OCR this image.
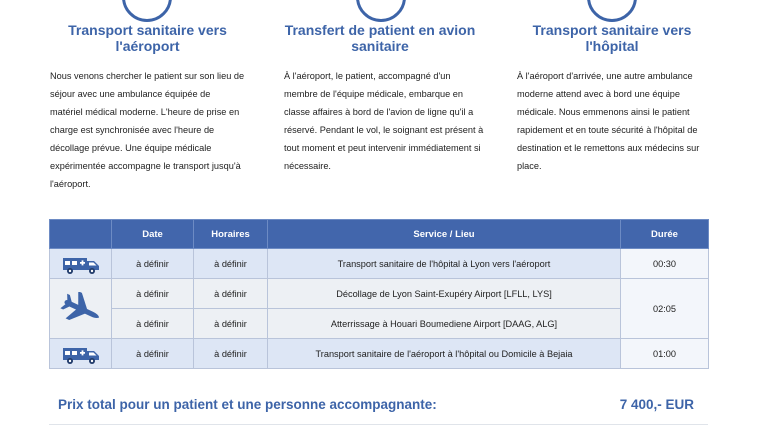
Transport sanitaire vers l'aéroport

Nous venons chercher le patient sur son lieu de séjour avec une ambulance équipée de matériel médical moderne. L'heure de prise en charge est synchronisée avec l'heure de décollage prévue. Une équipe médicale expérimentée accompagne le transport jusqu'à l'aéroport.

Transfert de patient en avion sanitaire

À l'aéroport, le patient, accompagné d'un membre de l'équipe médicale, embarque en classe affaires à bord de l'avion de ligne qu'il a réservé. Pendant le vol, le soignant est présent à tout moment et peut intervenir immédiatement si nécessaire.

Transport sanitaire vers l'hôpital

À l'aéroport d'arrivée, une autre ambulance moderne attend avec à bord une équipe médicale. Nous emmenons ainsi le patient rapidement et en toute sécurité à l'hôpital de destination et le remettons aux médecins sur place.

	Date	Horaires	Service / Lieu	Durée

	à définir	à définir	Transport sanitaire de l'hôpital à Lyon vers l'aéroport	00:30

	à définir	à définir	Décollage de Lyon Saint-Exupéry Airport [LFLL, LYS]	02:05
	à définir	à définir	Atterrissage à Houari Boumediene Airport [DAAG, ALG]	

	à définir	à définir	Transport sanitaire de l'aéroport à l'hôpital ou Domicile à Bejaia	01:00
Prix total pour un patient et une personne accompagnante:	7 400,- EUR
